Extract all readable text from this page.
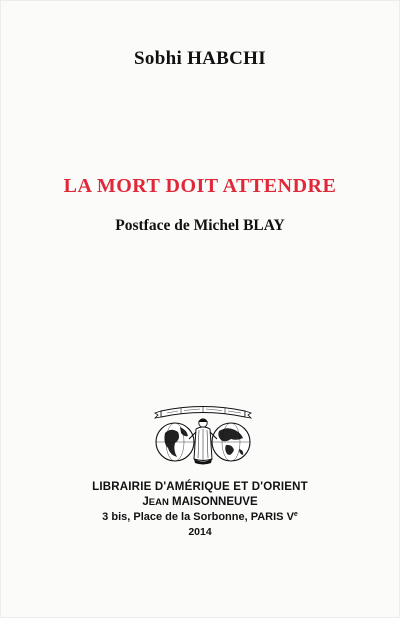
Sobhi HABCHI
LA MORT DOIT ATTENDRE
Postface de Michel BLAY
LIBRAIRIE D'AMÉRIQUE ET D'ORIENT
JEAN MAISONNEUVE
3 bis, Place de la Sorbonne, PARIS Ve
2014
